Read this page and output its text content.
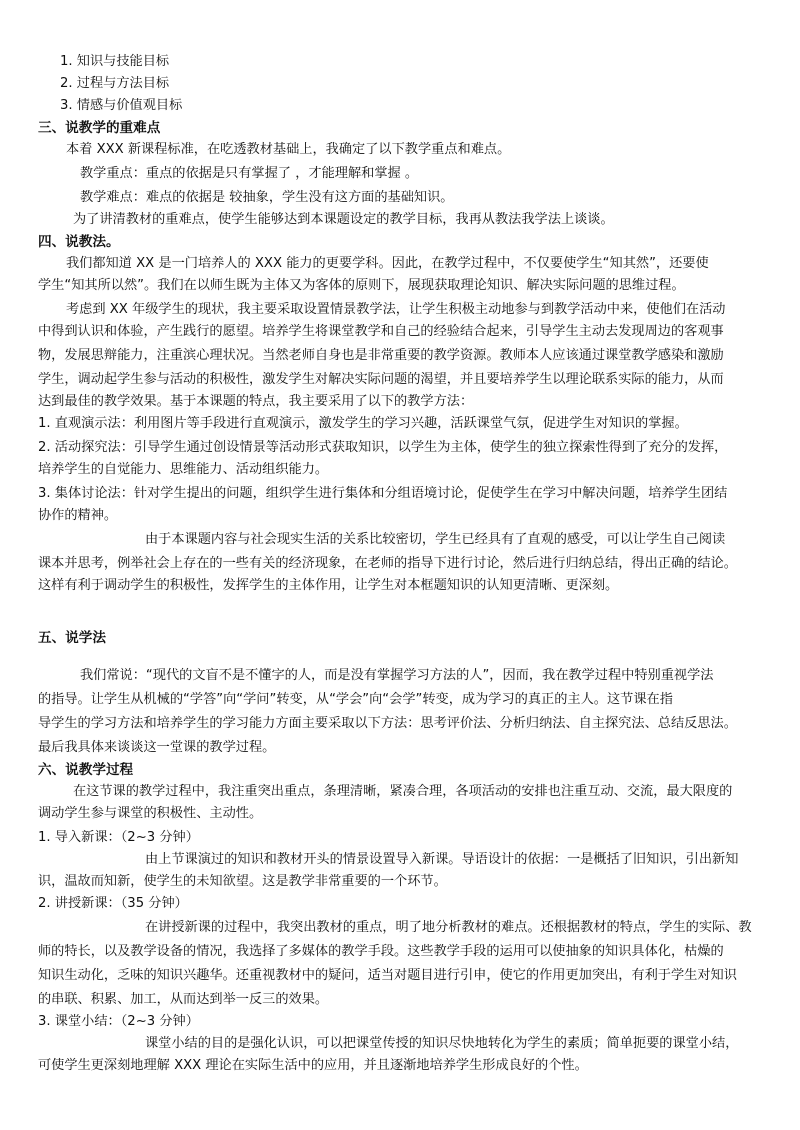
1. 知识与技能目标
2. 过程与方法目标
3. 情感与价值观目标
三、说教学的重难点
本着 XXX 新课程标准，在吃透教材基础上，我确定了以下教学重点和难点。
教学重点：重点的依据是只有掌握了 ，才能理解和掌握 。
教学难点：难点的依据是 较抽象，学生没有这方面的基础知识。
为了讲清教材的重难点，使学生能够达到本课题设定的教学目标，我再从教法我学法上谈谈。
四、说教法。
我们都知道 XX 是一门培养人的 XXX 能力的更要学科。因此，在教学过程中，不仅要使学生“知其然”，还要使
学生“知其所以然”。我们在以师生既为主体又为客体的原则下，展现获取理论知识、解决实际问题的思维过程。
考虑到 XX 年级学生的现状，我主要采取设置情景教学法，让学生积极主动地参与到教学活动中来，使他们在活动
中得到认识和体验，产生践行的愿望。培养学生将课堂教学和自己的经验结合起来，引导学生主动去发现周边的客观事
物，发展思辩能力，注重滨心理状况。当然老师自身也是非常重要的教学资源。教师本人应该通过课堂教学感染和激励
学生，调动起学生参与活动的积极性，激发学生对解决实际问题的渴望，并且要培养学生以理论联系实际的能力，从而
达到最佳的教学效果。基于本课题的特点，我主要采用了以下的教学方法：
1. 直观演示法：利用图片等手段进行直观演示，激发学生的学习兴趣，活跃课堂气氛，促进学生对知识的掌握。
2. 活动探究法：引导学生通过创设情景等活动形式获取知识，以学生为主体，使学生的独立探索性得到了充分的发挥，
培养学生的自觉能力、思维能力、活动组织能力。
3. 集体讨论法：针对学生提出的问题，组织学生进行集体和分组语境讨论，促使学生在学习中解决问题，培养学生团结
协作的精神。
由于本课题内容与社会现实生活的关系比较密切，学生已经具有了直观的感受，可以让学生自己阅读
课本并思考，例举社会上存在的一些有关的经济现象，在老师的指导下进行讨论，然后进行归纳总结，得出正确的结论。
这样有利于调动学生的积极性，发挥学生的主体作用，让学生对本框题知识的认知更清晰、更深刻。
五、说学法
我们常说：“现代的文盲不是不懂字的人，而是没有掌握学习方法的人”，因而，我在教学过程中特别重视学法
的指导。让学生从机械的“学答”向“学问”转变，从“学会”向“会学”转变，成为学习的真正的主人。这节课在指
导学生的学习方法和培养学生的学习能力方面主要采取以下方法：思考评价法、分析归纳法、自主探究法、总结反思法。
最后我具体来谈谈这一堂课的教学过程。
六、说教学过程
在这节课的教学过程中，我注重突出重点，条理清晰，紧凑合理，各项活动的安排也注重互动、交流，最大限度的
调动学生参与课堂的积极性、主动性。
1. 导入新课：（2~3 分钟）
由上节课演过的知识和教材开头的情景设置导入新课。导语设计的依据：一是概括了旧知识，引出新知
识，温故而知新，使学生的未知欲望。这是教学非常重要的一个环节。
2. 讲授新课：（35 分钟）
在讲授新课的过程中，我突出教材的重点，明了地分析教材的难点。还根据教材的特点，学生的实际、教
师的特长，以及教学设备的情况，我选择了多媒体的教学手段。这些教学手段的运用可以使抽象的知识具体化，枯燥的
知识生动化，乏味的知识兴趣华。还重视教材中的疑问，适当对题目进行引申，使它的作用更加突出，有利于学生对知识
的串联、积累、加工，从而达到举一反三的效果。
3. 课堂小结：（2~3 分钟）
课堂小结的目的是强化认识，可以把课堂传授的知识尽快地转化为学生的素质；简单扼要的课堂小结，
可使学生更深刻地理解 XXX 理论在实际生活中的应用，并且逐渐地培养学生形成良好的个性。
